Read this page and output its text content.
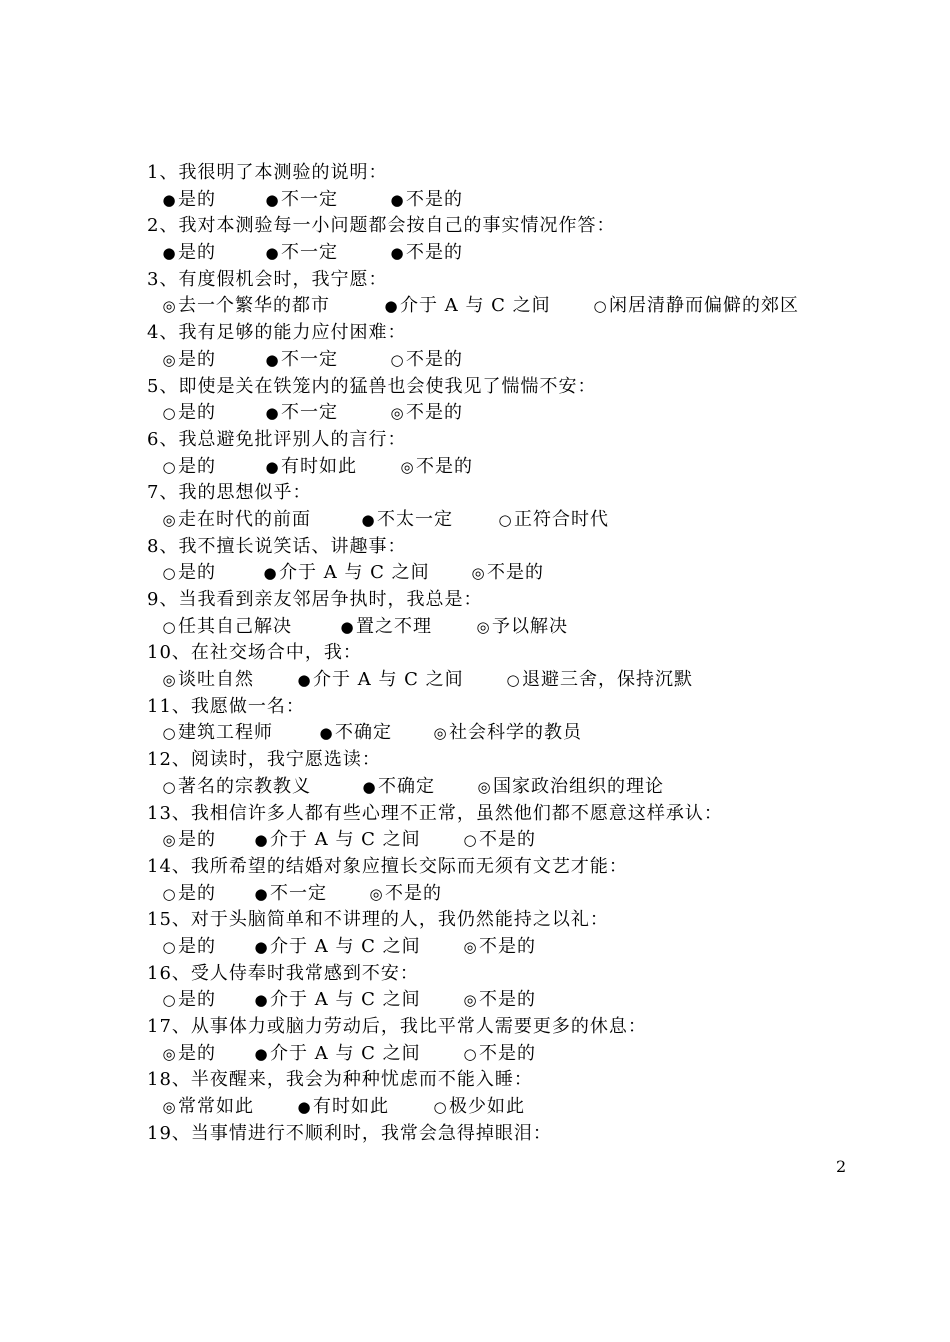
1、我很明了本测验的说明：
●是的	●不一定	●不是的
2、我对本测验每一小问题都会按自己的事实情况作答：
●是的	●不一定	●不是的
3、有度假机会时，我宁愿：
◎去一个繁华的都市	●介于 A 与 C 之间	○闲居清静而偏僻的郊区
4、我有足够的能力应付困难：
◎是的	●不一定	○不是的
5、即使是关在铁笼内的猛兽也会使我见了惴惴不安：
○是的	●不一定	◎不是的
6、我总避免批评别人的言行：
○是的	●有时如此	◎不是的
7、我的思想似乎：
◎走在时代的前面	●不太一定	○正符合时代
8、我不擅长说笑话、讲趣事：
○是的	●介于 A 与 C 之间	◎不是的
9、当我看到亲友邻居争执时，我总是：
○任其自己解决	●置之不理	◎予以解决
10、在社交场合中，我：
◎谈吐自然	●介于 A 与 C 之间	○退避三舍，保持沉默
11、我愿做一名：
○建筑工程师	●不确定	◎社会科学的教员
12、阅读时，我宁愿选读：
○著名的宗教教义	●不确定	◎国家政治组织的理论
13、我相信许多人都有些心理不正常，虽然他们都不愿意这样承认：
◎是的	●介于 A 与 C 之间	○不是的
14、我所希望的结婚对象应擅长交际而无须有文艺才能：
○是的	●不一定	◎不是的
15、对于头脑简单和不讲理的人，我仍然能持之以礼：
○是的	●介于 A 与 C 之间	◎不是的
16、受人侍奉时我常感到不安：
○是的	●介于 A 与 C 之间	◎不是的
17、从事体力或脑力劳动后，我比平常人需要更多的休息：
◎是的	●介于 A 与 C 之间	○不是的
18、半夜醒来，我会为种种忧虑而不能入睡：
◎常常如此	●有时如此	○极少如此
19、当事情进行不顺利时，我常会急得掉眼泪：
2
